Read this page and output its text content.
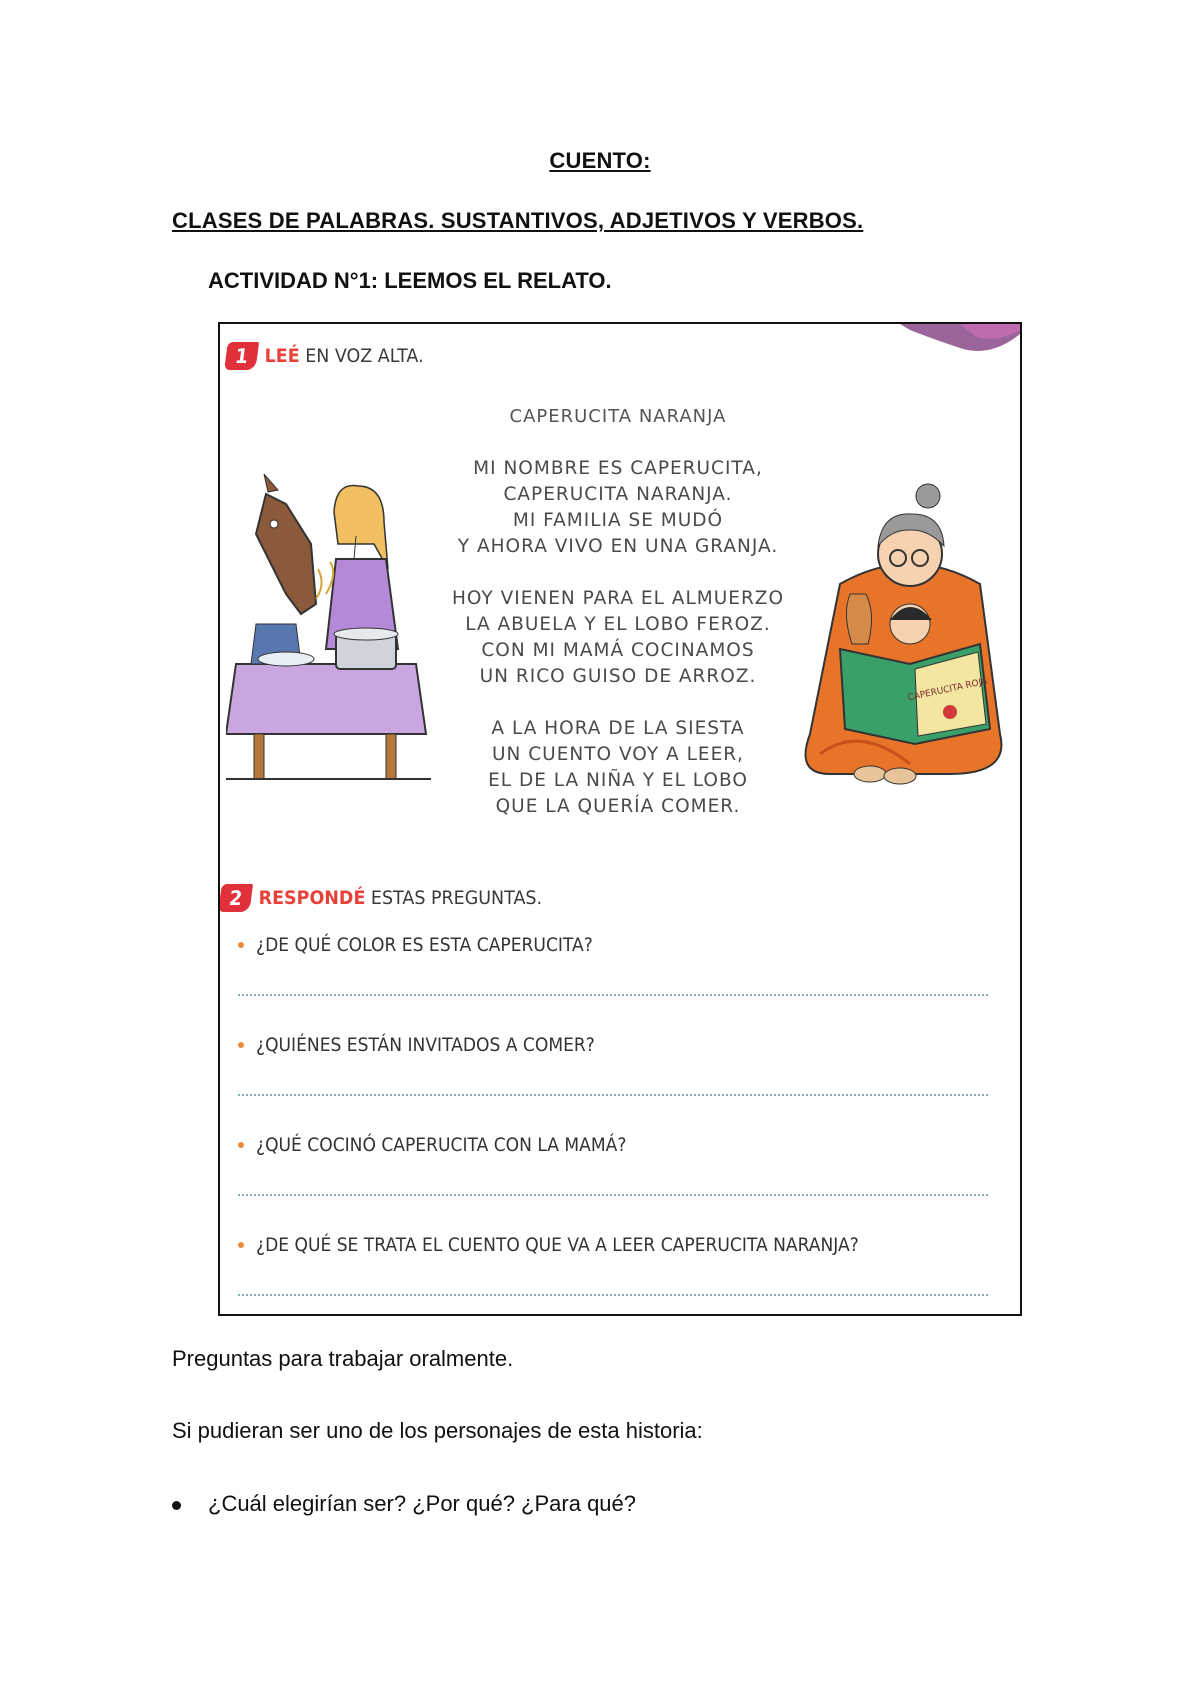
CUENTO:
CLASES DE PALABRAS. SUSTANTIVOS, ADJETIVOS Y VERBOS.
ACTIVIDAD N°1: LEEMOS EL RELATO.
1 LEÉ EN VOZ ALTA.
CAPERUCITA NARANJA
MI NOMBRE ES CAPERUCITA,
CAPERUCITA NARANJA.
MI FAMILIA SE MUDÓ
Y AHORA VIVO EN UNA GRANJA.
HOY VIENEN PARA EL ALMUERZO
LA ABUELA Y EL LOBO FEROZ.
CON MI MAMÁ COCINAMOS
UN RICO GUISO DE ARROZ.
A LA HORA DE LA SIESTA
UN CUENTO VOY A LEER,
EL DE LA NIÑA Y EL LOBO
QUE LA QUERÍA COMER.
CAPERUCITA ROJA
2 RESPONDÉ ESTAS PREGUNTAS.
¿DE QUÉ COLOR ES ESTA CAPERUCITA?
¿QUIÉNES ESTÁN INVITADOS A COMER?
¿QUÉ COCINÓ CAPERUCITA CON LA MAMÁ?
¿DE QUÉ SE TRATA EL CUENTO QUE VA A LEER CAPERUCITA NARANJA?
Preguntas para trabajar oralmente.
Si pudieran ser uno de los personajes de esta historia:
¿Cuál elegirían ser? ¿Por qué? ¿Para qué?
